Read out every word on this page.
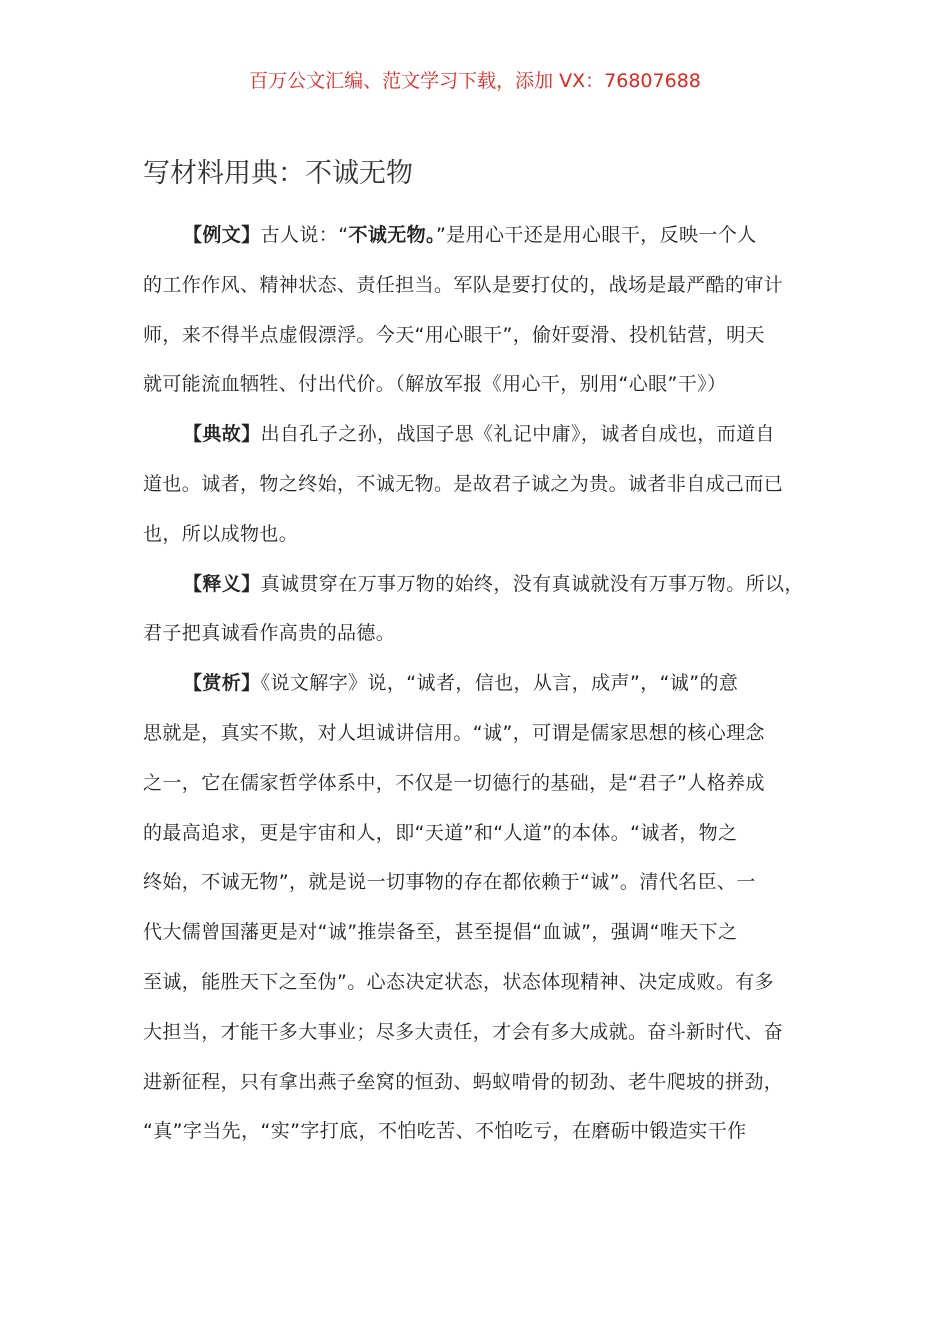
百万公文汇编、范文学习下载，添加 VX：76807688
写材料用典：不诚无物
【例文】古人说：“不诚无物。”是用心干还是用心眼干，反映一个人
的工作作风、精神状态、责任担当。军队是要打仗的，战场是最严酷的审计
师，来不得半点虚假漂浮。今天“用心眼干”，偷奸耍滑、投机钻营，明天
就可能流血牺牲、付出代价。（解放军报《用心干，别用“心眼”干》）
【典故】出自孔子之孙，战国子思《礼记中庸》，诚者自成也，而道自
道也。诚者，物之终始，不诚无物。是故君子诚之为贵。诚者非自成己而已
也，所以成物也。
【释义】真诚贯穿在万事万物的始终，没有真诚就没有万事万物。所以，
君子把真诚看作高贵的品德。
【赏析】《说文解字》说，“诚者，信也，从言，成声”，“诚”的意
思就是，真实不欺，对人坦诚讲信用。“诚”，可谓是儒家思想的核心理念
之一，它在儒家哲学体系中，不仅是一切德行的基础，是“君子”人格养成
的最高追求，更是宇宙和人，即“天道”和“人道”的本体。“诚者，物之
终始，不诚无物”，就是说一切事物的存在都依赖于“诚”。清代名臣、一
代大儒曾国藩更是对“诚”推崇备至，甚至提倡“血诚”，强调“唯天下之
至诚，能胜天下之至伪”。心态决定状态，状态体现精神、决定成败。有多
大担当，才能干多大事业；尽多大责任，才会有多大成就。奋斗新时代、奋
进新征程，只有拿出燕子垒窝的恒劲、蚂蚁啃骨的韧劲、老牛爬坡的拼劲，
“真”字当先，“实”字打底，不怕吃苦、不怕吃亏，在磨砺中锻造实干作
